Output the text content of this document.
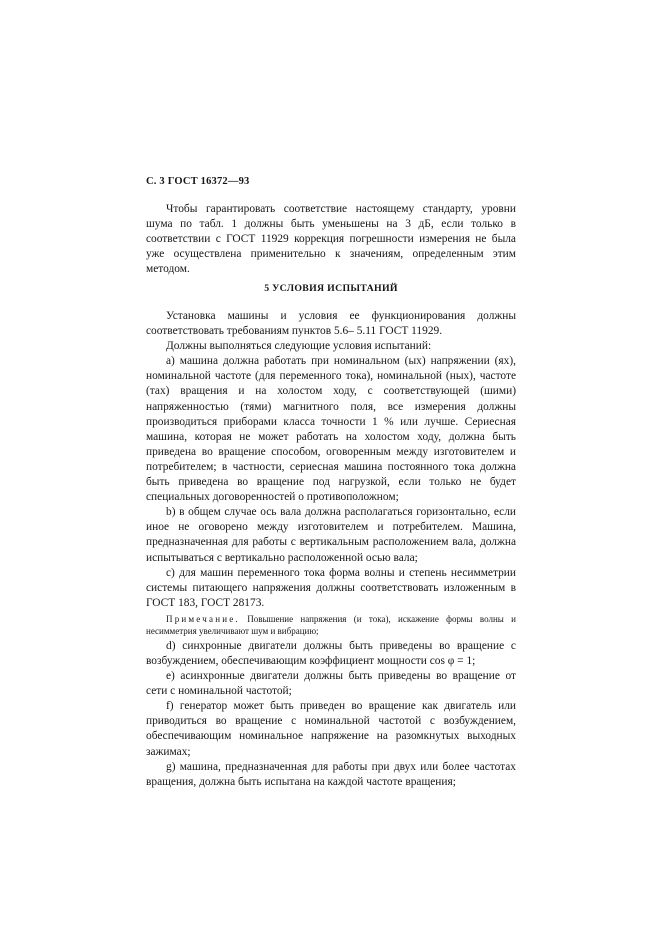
С. 3 ГОСТ 16372—93

Чтобы гарантировать соответствие настоящему стандарту, уровни шума по табл. 1 должны быть уменьшены на 3 дБ, если только в соответствии с ГОСТ 11929 коррекция погрешности измерения не была уже осуществлена применительно к значениям, определенным этим методом.

5 УСЛОВИЯ ИСПЫТАНИЙ

Установка машины и условия ее функционирования должны соответствовать требованиям пунктов 5.6– 5.11 ГОСТ 11929.

Должны выполняться следующие условия испытаний:

а) машина должна работать при номинальном (ых) напряжении (ях), номинальной частоте (для переменного тока), номинальной (ных), частоте (тах) вращения и на холостом ходу, с соответствующей (шими) напряженностью (тями) магнитного поля, все измерения должны производиться приборами класса точности 1 % или лучше. Сериесная машина, которая не может работать на холостом ходу, должна быть приведена во вращение способом, оговоренным между изготовителем и потребителем; в частности, сериесная машина постоянного тока должна быть приведена во вращение под нагрузкой, если только не будет специальных договоренностей о противоположном;

b) в общем случае ось вала должна располагаться горизонтально, если иное не оговорено между изготовителем и потребителем. Машина, предназначенная для работы с вертикальным расположением вала, должна испытываться с вертикально расположенной осью вала;

с) для машин переменного тока форма волны и степень несимметрии системы питающего напряжения должны соответствовать изложенным в ГОСТ 183, ГОСТ 28173.

Примечание. Повышение напряжения (и тока), искажение формы волны и несимметрия увеличивают шум и вибрацию;

d) синхронные двигатели должны быть приведены во вращение с возбуждением, обеспечивающим коэффициент мощности cos φ = 1;

е) асинхронные двигатели должны быть приведены во вращение от сети с номинальной частотой;

f) генератор может быть приведен во вращение как двигатель или приводиться во вращение с номинальной частотой с возбуждением, обеспечивающим номинальное напряжение на разомкнутых выходных зажимах;

g) машина, предназначенная для работы при двух или более частотах вращения, должна быть испытана на каждой частоте вращения;
